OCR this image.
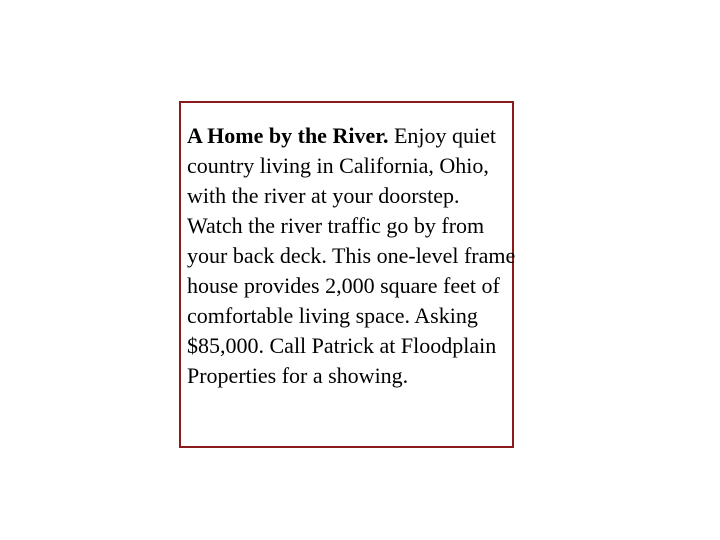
A Home by the River. Enjoy quiet country living in California, Ohio, with the river at your doorstep. Watch the river traffic go by from your back deck. This one-level frame house provides 2,000 square feet of comfortable living space. Asking $85,000. Call Patrick at Floodplain Properties for a showing.
